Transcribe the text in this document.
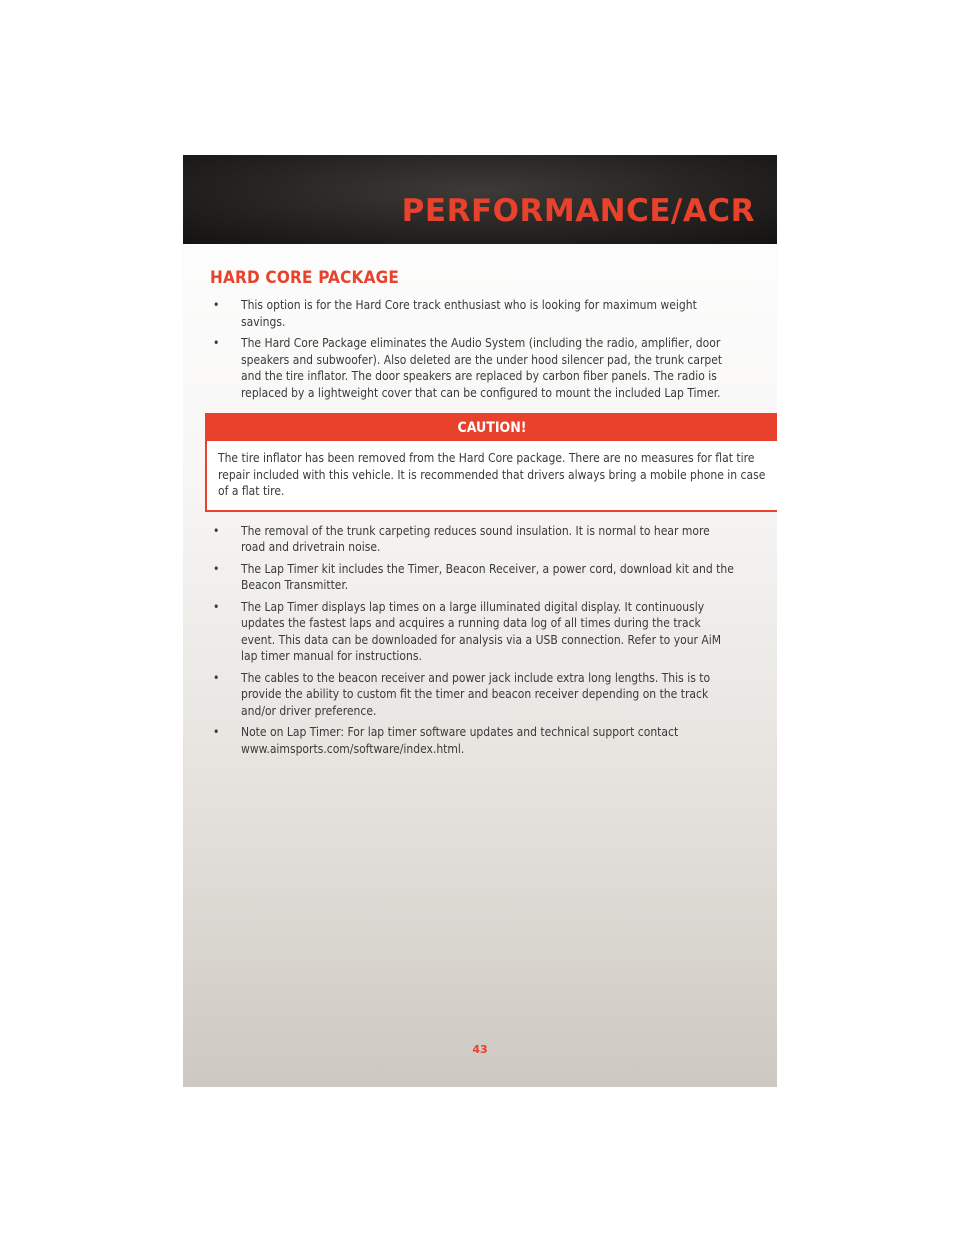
PERFORMANCE/ACR
HARD CORE PACKAGE
• This option is for the Hard Core track enthusiast who is looking for maximum weight savings.
• The Hard Core Package eliminates the Audio System (including the radio, amplifier, door speakers and subwoofer). Also deleted are the under hood silencer pad, the trunk carpet and the tire inflator. The door speakers are replaced by carbon fiber panels. The radio is replaced by a lightweight cover that can be configured to mount the included Lap Timer.
CAUTION!
The tire inflator has been removed from the Hard Core package. There are no measures for flat tire repair included with this vehicle. It is recommended that drivers always bring a mobile phone in case of a flat tire.
• The removal of the trunk carpeting reduces sound insulation. It is normal to hear more road and drivetrain noise.
• The Lap Timer kit includes the Timer, Beacon Receiver, a power cord, download kit and the Beacon Transmitter.
• The Lap Timer displays lap times on a large illuminated digital display. It continuously updates the fastest laps and acquires a running data log of all times during the track event. This data can be downloaded for analysis via a USB connection. Refer to your AiM lap timer manual for instructions.
• The cables to the beacon receiver and power jack include extra long lengths. This is to provide the ability to custom fit the timer and beacon receiver depending on the track and/or driver preference.
• Note on Lap Timer: For lap timer software updates and technical support contact www.aimsports.com/software/index.html.
43
